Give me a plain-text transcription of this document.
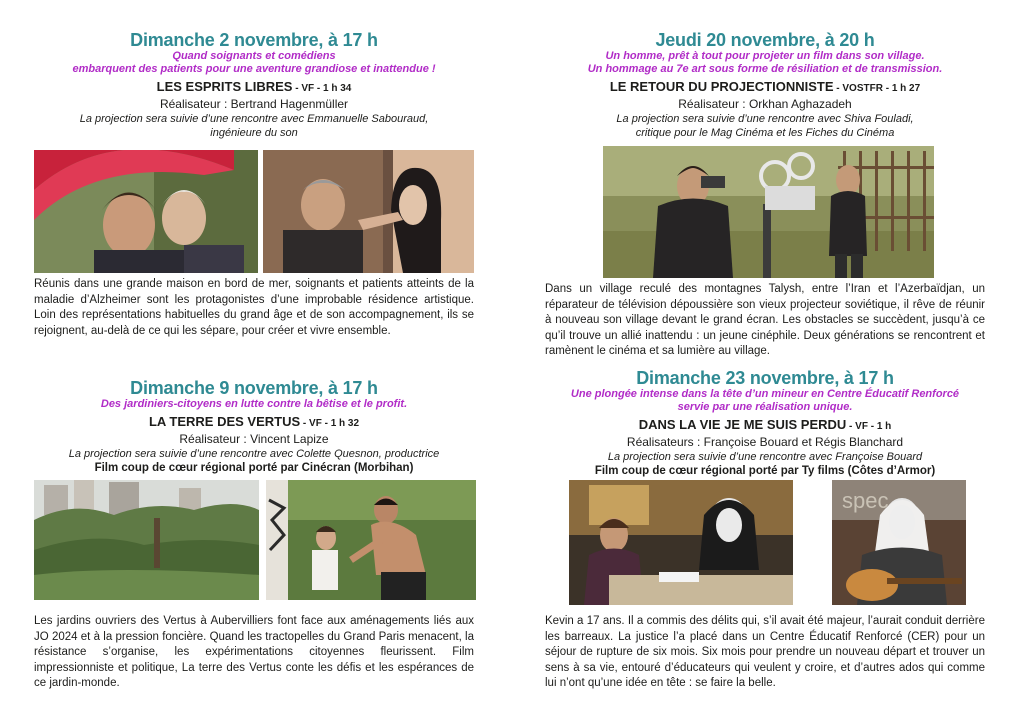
Dimanche 2 novembre, à 17 h
Quand soignants et comédiens
embarquent des patients pour une aventure grandiose et inattendue !
LES ESPRITS LIBRES - VF - 1 h 34
Réalisateur : Bertrand Hagenmüller
La projection sera suivie d’une rencontre avec Emmanuelle Sabouraud,
ingénieure du son
Réunis dans une grande maison en bord de mer, soignants et patients atteints de la maladie d’Alzheimer sont les protagonistes d’une improbable résidence artistique. Loin des représentations habituelles du grand âge et de son accompagnement, ils se rejoignent, au-delà de ce qui les sépare, pour créer et vivre ensemble.
Jeudi 20 novembre, à 20 h
Un homme, prêt à tout pour projeter un film dans son village.
Un hommage au 7e art sous forme de résiliation et de transmission.
LE RETOUR DU PROJECTIONNISTE - VOSTFR - 1 h 27
Réalisateur : Orkhan Aghazadeh
La projection sera suivie d’une rencontre avec Shiva Fouladi,
critique pour le Mag Cinéma et les Fiches du Cinéma
Dans un village reculé des montagnes Talysh, entre l’Iran et l’Azerbaïdjan, un réparateur de télévision dépoussière son vieux projecteur soviétique, il rêve de réunir à nouveau son village devant le grand écran. Les obstacles se succèdent, jusqu’à ce qu’il trouve un allié inattendu : un jeune cinéphile. Deux générations se rencontrent et ramènent le cinéma et sa lumière au village.
Dimanche 9 novembre, à 17 h
Des jardiniers-citoyens en lutte contre la bêtise et le profit.
LA TERRE DES VERTUS - VF - 1 h 32
Réalisateur : Vincent Lapize
La projection sera suivie d’une rencontre avec Colette Quesnon, productrice
Film coup de cœur régional porté par Cinécran (Morbihan)
Les jardins ouvriers des Vertus à Aubervilliers font face aux aménagements liés aux JO 2024 et à la pression foncière. Quand les tractopelles du Grand Paris menacent, la résistance s’organise, les expérimentations citoyennes fleurissent. Film impressionniste et politique, La terre des Vertus conte les défis et les espérances de ce jardin-monde.
Dimanche 23 novembre, à 17 h
Une plongée intense dans la tête d’un mineur en Centre Éducatif Renforcé
servie par une réalisation unique.
DANS LA VIE JE ME SUIS PERDU - VF - 1 h
Réalisateurs : Françoise Bouard et Régis Blanchard
La projection sera suivie d’une rencontre avec Françoise Bouard
Film coup de cœur régional porté par Ty films (Côtes d’Armor)
spec
Kevin a 17 ans. Il a commis des délits qui, s’il avait été majeur, l’aurait conduit derrière les barreaux. La justice l’a placé dans un Centre Éducatif Renforcé (CER) pour un séjour de rupture de six mois. Six mois pour prendre un nouveau départ et trouver un sens à sa vie, entouré d’éducateurs qui veulent y croire, et d’autres ados qui comme lui n’ont qu’une idée en tête : se faire la belle.
